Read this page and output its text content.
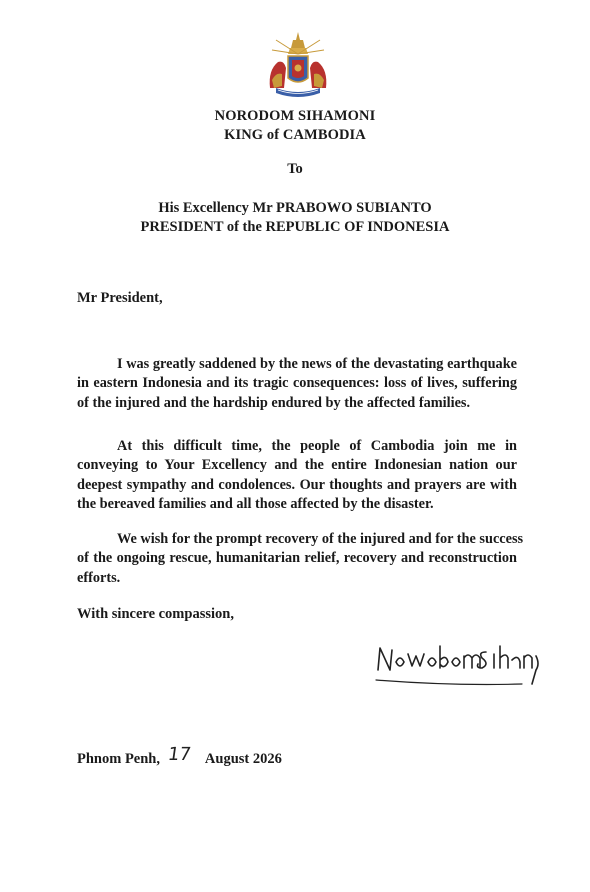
NORODOM SIHAMONI
KING of CAMBODIA
To
His Excellency Mr PRABOWO SUBIANTO
PRESIDENT of the REPUBLIC OF INDONESIA
Mr President,
I was greatly saddened by the news of the devastating earthquake
in eastern Indonesia and its tragic consequences: loss of lives, suffering
of the injured and the hardship endured by the affected families.
At this difficult time, the people of Cambodia join me in
conveying to Your Excellency and the entire Indonesian nation our
deepest sympathy and condolences. Our thoughts and prayers are with
the bereaved families and all those affected by the disaster.
We wish for the prompt recovery of the injured and for the success
of the ongoing rescue, humanitarian relief, recovery and reconstruction
efforts.
With sincere compassion,
Phnom Penh, 17 August 2026
